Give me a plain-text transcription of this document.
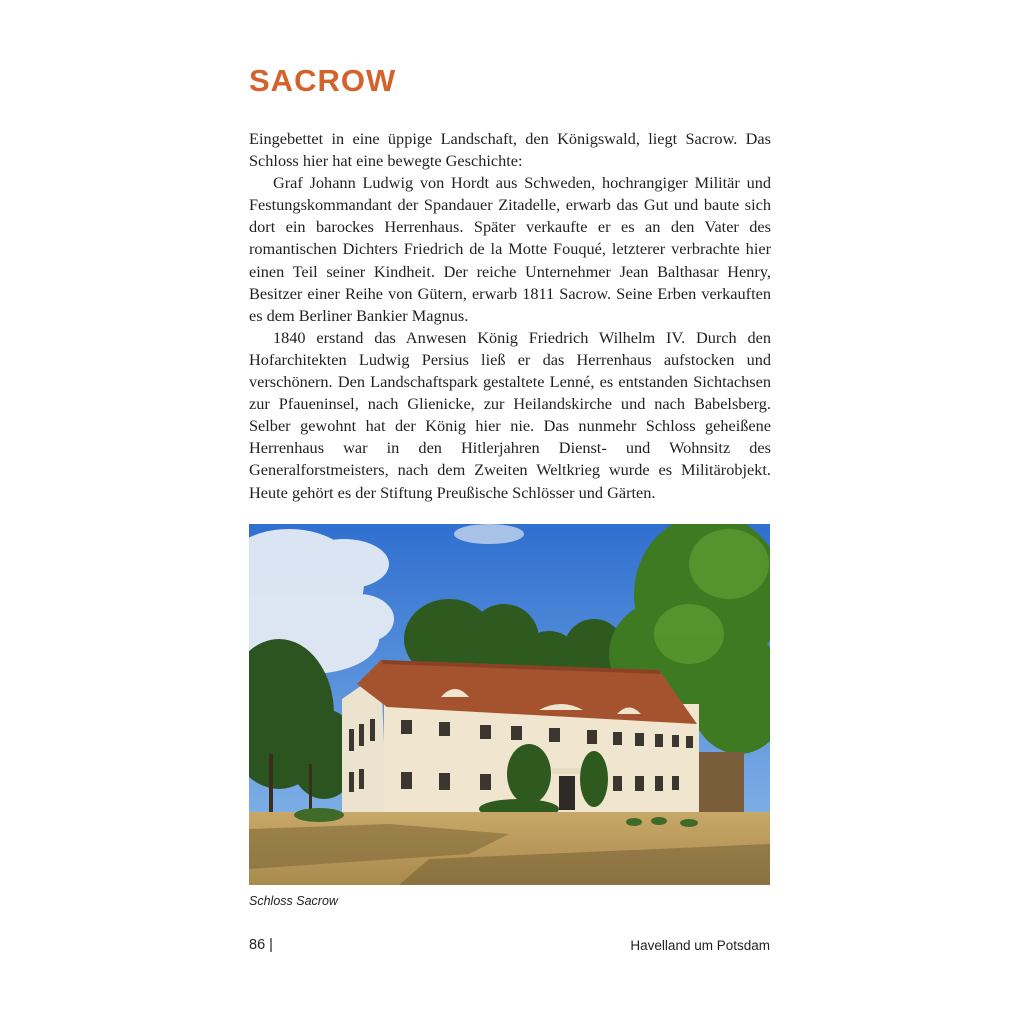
SACROW

Eingebettet in eine üppige Landschaft, den Königswald, liegt Sacrow. Das Schloss hier hat eine bewegte Geschichte:

Graf Johann Ludwig von Hordt aus Schweden, hochrangiger Militär und Festungskommandant der Spandauer Zitadelle, erwarb das Gut und baute sich dort ein barockes Herrenhaus. Später verkaufte er es an den Vater des romantischen Dichters Friedrich de la Motte Fouqué, letzterer verbrachte hier einen Teil seiner Kindheit. Der reiche Unternehmer Jean Balthasar Henry, Besitzer einer Reihe von Gütern, erwarb 1811 Sacrow. Seine Erben verkauften es dem Berliner Bankier Magnus.

1840 erstand das Anwesen König Friedrich Wilhelm IV. Durch den Hofarchitekten Ludwig Persius ließ er das Herrenhaus aufstocken und verschönern. Den Landschaftspark gestaltete Lenné, es entstanden Sichtachsen zur Pfaueninsel, nach Glienicke, zur Heilandskirche und nach Babelsberg. Selber gewohnt hat der König hier nie. Das nunmehr Schloss geheißene Herrenhaus war in den Hitlerjahren Dienst- und Wohnsitz des Generalforstmeisters, nach dem Zweiten Weltkrieg wurde es Militärobjekt. Heute gehört es der Stiftung Preußische Schlösser und Gärten.

Schloss Sacrow
86 |	Havelland um Potsdam
